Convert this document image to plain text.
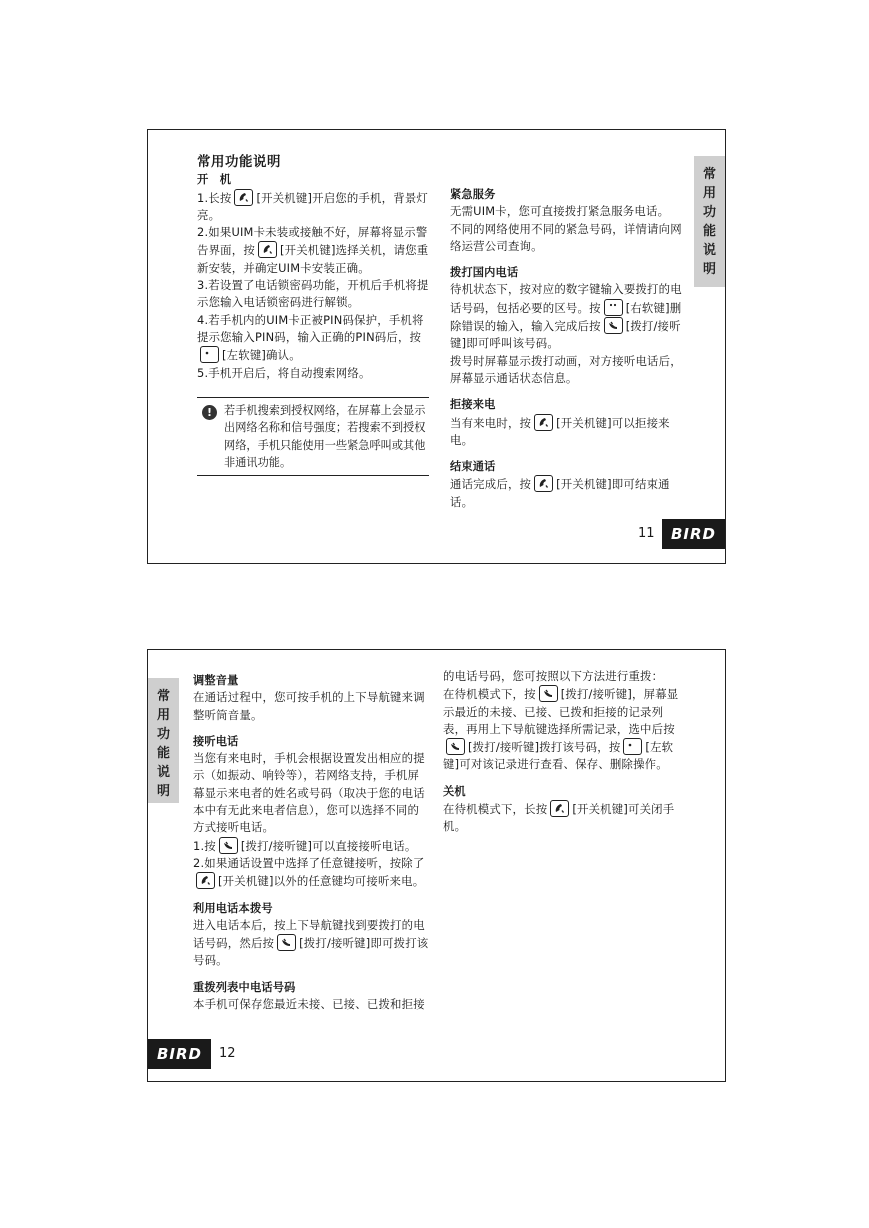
常用功能说明

开　机

1.长按 [开关机键]开启您的手机，背景灯亮。

2.如果UIM卡未装或接触不好，屏幕将显示警告界面，按 [开关机键]选择关机，请您重新安装，并确定UIM卡安装正确。

3.若设置了电话锁密码功能，开机后手机将提示您输入电话锁密码进行解锁。

4.若手机内的UIM卡正被PIN码保护，手机将提示您输入PIN码，输入正确的PIN码后，按
[左软键]确认。

5.手机开启后，将自动搜索网络。

!	若手机搜索到授权网络，在屏幕上会显示出网络名称和信号强度；若搜索不到授权网络，手机只能使用一些紧急呼叫或其他非通讯功能。

紧急服务

无需UIM卡，您可直接拨打紧急服务电话。

不同的网络使用不同的紧急号码，详情请向网络运营公司查询。

拨打国内电话

待机状态下，按对应的数字键输入要拨打的电话号码，包括必要的区号。按 [右软键]删除错误的输入，输入完成后按 [拨打/接听键]即可呼叫该号码。

拨号时屏幕显示拨打动画，对方接听电话后，屏幕显示通话状态信息。

拒接来电

当有来电时，按 [开关机键]可以拒接来电。

结束通话

通话完成后，按 [开关机键]即可结束通话。

常
用
功
能
说
明
11	BIRD
常
用
功
能
说
明

调整音量

在通话过程中，您可按手机的上下导航键来调整听筒音量。

接听电话

当您有来电时，手机会根据设置发出相应的提示（如振动、响铃等），若网络支持，手机屏幕显示来电者的姓名或号码（取决于您的电话本中有无此来电者信息），您可以选择不同的方式接听电话。

1.按 [拨打/接听键]可以直接接听电话。

2.如果通话设置中选择了任意键接听，按除了
[开关机键]以外的任意键均可接听来电。

利用电话本拨号

进入电话本后，按上下导航键找到要拨打的电话号码，然后按 [拨打/接听键]即可拨打该号码。

重拨列表中电话号码

本手机可保存您最近未接、已接、已拨和拒接

的电话号码，您可按照以下方法进行重拨：

在待机模式下，按 [拨打/接听键]，屏幕显示最近的未接、已接、已拨和拒接的记录列表，再用上下导航键选择所需记录，选中后按
[拨打/接听键]拨打该号码，按 [左软键]可对该记录进行查看、保存、删除操作。

关机

在待机模式下，长按 [开关机键]可关闭手机。

BIRD	12
